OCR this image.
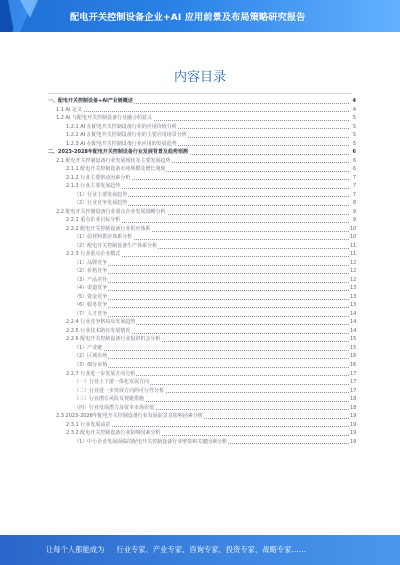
配电开关控制设备企业+AI 应用前景及布局策略研究报告
内容目录
一、配电开关控制设备+AI产业链概述	4
1.1 AI 定义	4
1.2 AI 与配电开关控制设备行业融合的意义	5
1.2.1 AI 在配电开关控制设备行业的应用价值分析	5
1.2.2 AI 在配电开关控制设备行业的主要应用场景分析	5
1.2.3 AI 在配电开关控制设备行业应用的发展趋势	5
二、2023-2028年配电开关控制设备行业发展背景及趋势预测	6
2.1 配电开关控制设备行业发展现状及主要发展趋势	6
2.1.1 配电开关控制设备市场规模及增长速度	6
2.1.2 行业主要驱动因素分析	7
2.1.3 行业主要发展趋势	7
（1）行业主要发展趋势	7
（2）行业竞争发展趋势	8
2.2 配电开关控制设备行业重点企业发展战略分析	9
2.2.1 重点企业目标分析	9
2.2.2 配电开关控制设备行业供应体系	10
（1）原材料供应体系分析	10
（2）配电开关控制设备生产体系分析	11
2.2.3 行业重点企业模式	11
（1）品牌竞争	12
（2）价格竞争	12
（3）产品差异	12
（4）渠道竞争	13
（5）资金竞争	13
（6）服务竞争	13
（7）人才竞争	14
2.2.4 行业竞争格局及发展趋势	14
2.2.5 行业技术路径发展情况	14
2.2.6 配电开关控制设备行业投资机会分析	15
（1）产业链	15
（2）区域市场	16
（3）细分市场	16
2.2.7 行业进一步发展方向分析	17
（一）行业上下游一体化发展方向	17
（二）行业进一步发展方向的可行性分析	17
（三）行业潜在风险及规避措施	18
（四）行业发展潜力及资本市场价值	18
2.3 2023-2028年配电开关控制设备行业发展前景及影响因素分析	19
2.3.1 行业发展前景	19
2.3.2 配电开关控制设备行业影响因素分析	19
（1）中小企业发展面临的配电开关控制设备行业壁垒和关键因素分析	19
让每个人都能成为 行业专家、产业专家、咨询专家、投资专家、战略专家……
